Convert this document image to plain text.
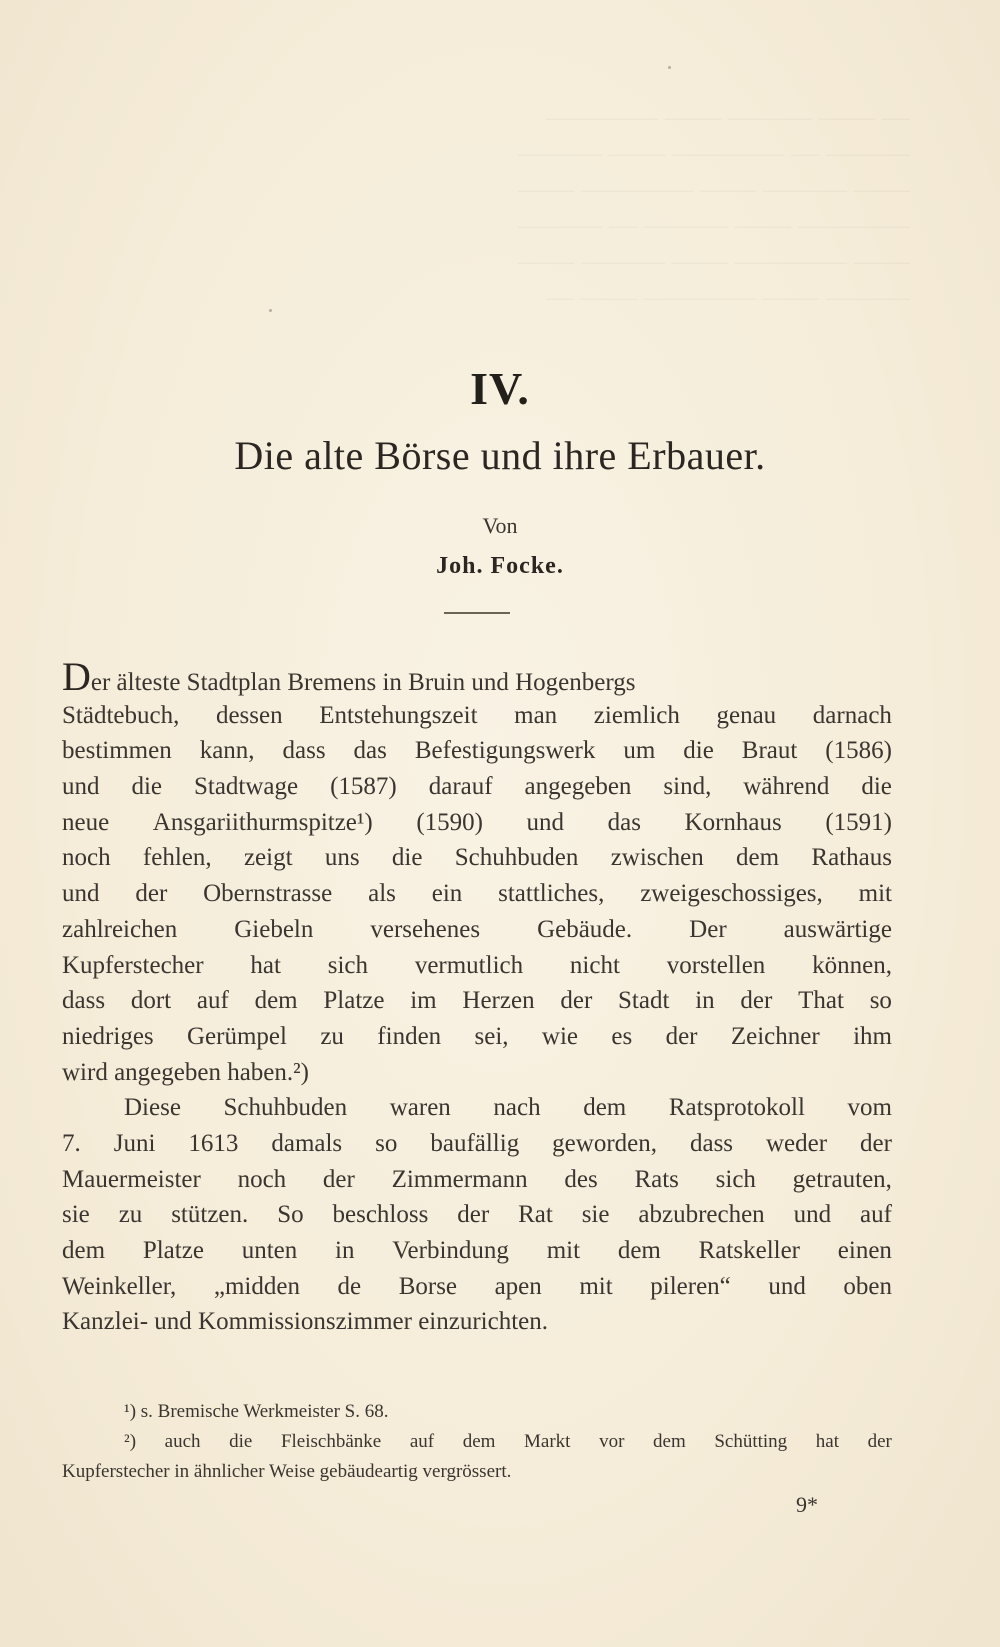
— —— ——— —— ————
——— — ———— —— ———
—— ——— —— ———— ——
———— —— ——— — ———
—— ———— —— ——— ——
——— —— ———— —— —
IV.
Die alte Börse und ihre Erbauer.
Von
Joh. Focke.
Der älteste Stadtplan Bremens in Bruin und Hogenbergs
Städtebuch, dessen Entstehungszeit man ziemlich genau darnach
bestimmen kann, dass das Befestigungswerk um die Braut (1586)
und die Stadtwage (1587) darauf angegeben sind, während die
neue Ansgariithurmspitze¹) (1590) und das Kornhaus (1591)
noch fehlen, zeigt uns die Schuhbuden zwischen dem Rathaus
und der Obernstrasse als ein stattliches, zweigeschossiges, mit
zahlreichen Giebeln versehenes Gebäude. Der auswärtige
Kupferstecher hat sich vermutlich nicht vorstellen können,
dass dort auf dem Platze im Herzen der Stadt in der That so
niedriges Gerümpel zu finden sei, wie es der Zeichner ihm
wird angegeben haben.²)
Diese Schuhbuden waren nach dem Ratsprotokoll vom
7. Juni 1613 damals so baufällig geworden, dass weder der
Mauermeister noch der Zimmermann des Rats sich getrauten,
sie zu stützen. So beschloss der Rat sie abzubrechen und auf
dem Platze unten in Verbindung mit dem Ratskeller einen
Weinkeller, „midden de Borse apen mit pileren“ und oben
Kanzlei- und Kommissionszimmer einzurichten.
¹) s. Bremische Werkmeister S. 68.
²) auch die Fleischbänke auf dem Markt vor dem Schütting hat der
Kupferstecher in ähnlicher Weise gebäudeartig vergrössert.
9*
